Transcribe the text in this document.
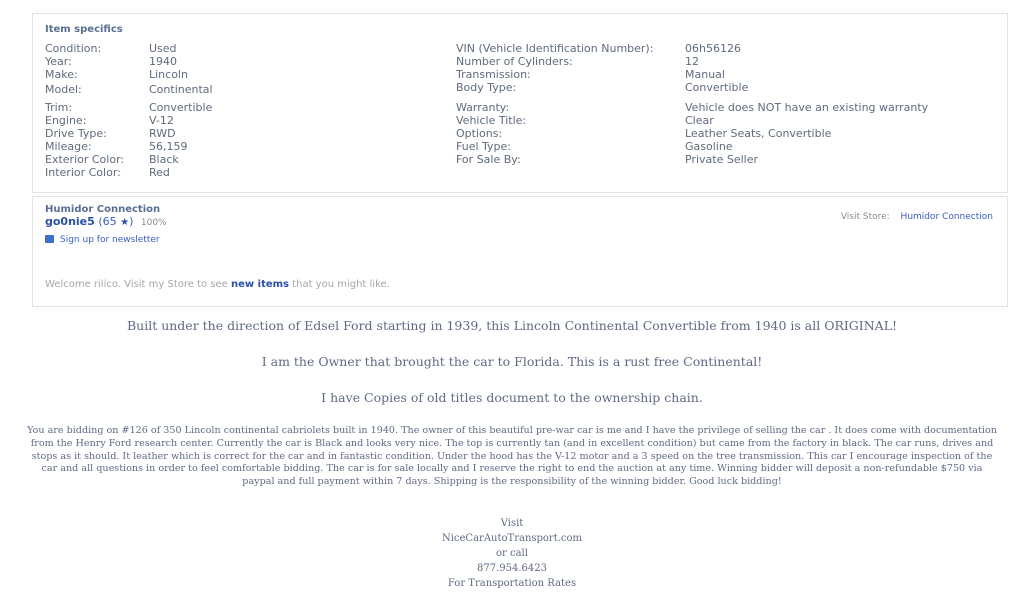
Item specifics
Condition:	Used
Year:	1940
Make:	Lincoln
Model:	Continental
Trim:	Convertible
Engine:	V-12
Drive Type:	RWD
Mileage:	56,159
Exterior Color: Black
Interior Color:	Red
VIN (Vehicle Identification Number):	06h56126
Number of Cylinders:	12
Transmission:	Manual
Body Type:	Convertible
Warranty:	Vehicle does NOT have an existing warranty
Vehicle Title:	Clear
Options:	Leather Seats, Convertible
Fuel Type:	Gasoline
For Sale By:	Private Seller
Humidor Connection
go0nie5 (65 ★) 100%
Sign up for newsletter
Visit Store: Humidor Connection
Welcome rilico. Visit my Store to see new items that you might like.
Built under the direction of Edsel Ford starting in 1939, this Lincoln Continental Convertible from 1940 is all ORIGINAL!
I am the Owner that brought the car to Florida. This is a rust free Continental!
I have Copies of old titles document to the ownership chain.
You are bidding on #126 of 350 Lincoln continental cabriolets built in 1940. The owner of this beautiful pre-war car is me and I have the privilege of selling the car . It does come with documentation from the Henry Ford research center. Currently the car is Black and looks very nice. The top is currently tan (and in excellent condition) but came from the factory in black. The car runs, drives and stops as it should. It leather which is correct for the car and in fantastic condition. Under the hood has the V-12 motor and a 3 speed on the tree transmission. This car I encourage inspection of the car and all questions in order to feel comfortable bidding. The car is for sale locally and I reserve the right to end the auction at any time. Winning bidder will deposit a non-refundable $750 via paypal and full payment within 7 days. Shipping is the responsibility of the winning bidder. Good luck bidding!
Visit
NiceCarAutoTransport.com
or call
877.954.6423
For Transportation Rates
